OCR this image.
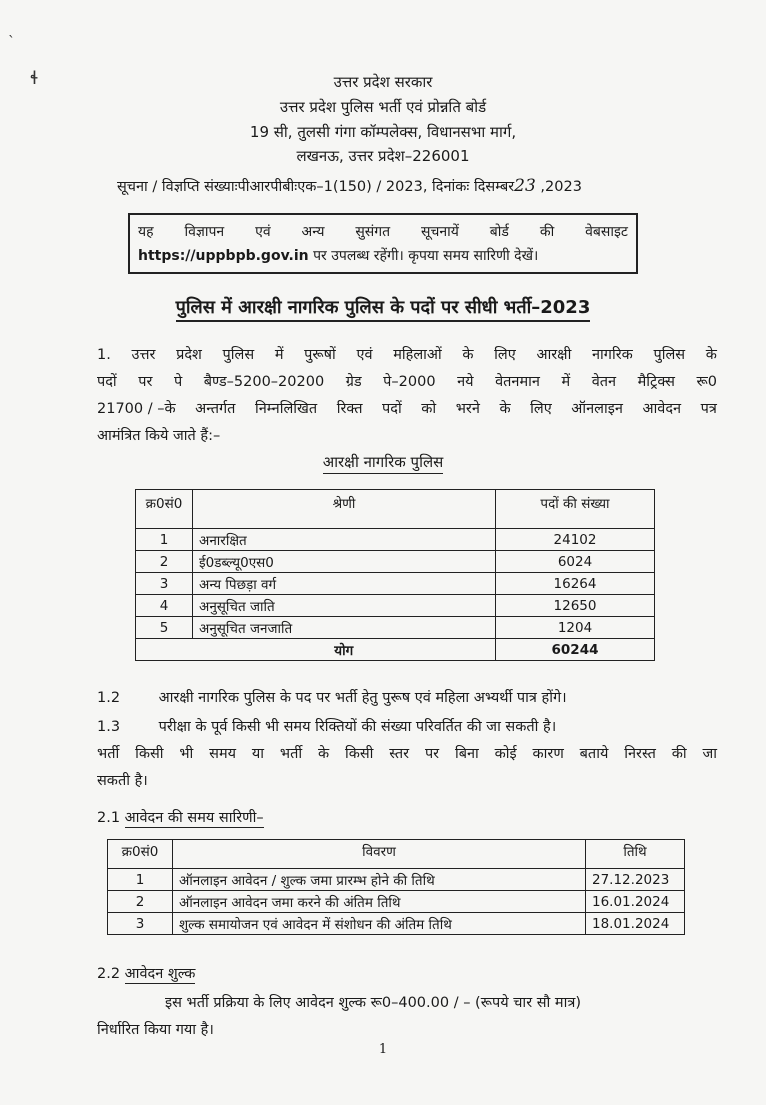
ˎ
ɬ	उत्तर प्रदेश सरकार
उत्तर प्रदेश पुलिस भर्ती एवं प्रोन्नति बोर्ड
19 सी, तुलसी गंगा कॉम्पलेक्स, विधानसभा मार्ग,
लखनऊ, उत्तर प्रदेश–226001
सूचना / विज्ञप्ति संख्याःपीआरपीबीःएक–1(150) / 2023, दिनांकः दिसम्बर23 ,2023
यह विज्ञापन एवं अन्य सुसंगत सूचनायें बोर्ड की वेबसाइट
https://uppbpb.gov.in पर उपलब्ध रहेंगी। कृपया समय सारिणी देखें।
पुलिस में आरक्षी नागरिक पुलिस के पदों पर सीधी भर्ती–2023
1. उत्तर प्रदेश पुलिस में पुरूषों एवं महिलाओं के लिए आरक्षी नागरिक पुलिस के
पदों पर पे बैण्ड–5200–20200 ग्रेड पे–2000 नये वेतनमान में वेतन मैट्रिक्स रू0
21700 / –के अन्तर्गत निम्नलिखित रिक्त पदों को भरने के लिए ऑनलाइन आवेदन पत्र
आमंत्रित किये जाते हैं:–
आरक्षी नागरिक पुलिस
क्र0सं0	श्रेणी	पदों की संख्या
1	अनारक्षित	24102
2	ई0डब्ल्यू0एस0	6024
3	अन्य पिछड़ा वर्ग	16264
4	अनुसूचित जाति	12650
5	अनुसूचित जनजाति	1204
	योग	60244
1.2	आरक्षी नागरिक पुलिस के पद पर भर्ती हेतु पुरूष एवं महिला अभ्यर्थी पात्र होंगे।
1.3	परीक्षा के पूर्व किसी भी समय रिक्तियों की संख्या परिवर्तित की जा सकती है।
भर्ती किसी भी समय या भर्ती के किसी स्तर पर बिना कोई कारण बताये निरस्त की जा
सकती है।
2.1 आवेदन की समय सारिणी–
क्र0सं0	विवरण	तिथि
1	ऑनलाइन आवेदन / शुल्क जमा प्रारम्भ होने की तिथि	27.12.2023
2	ऑनलाइन आवेदन जमा करने की अंतिम तिथि	16.01.2024
3	शुल्क समायोजन एवं आवेदन में संशोधन की अंतिम तिथि	18.01.2024
2.2 आवेदन शुल्क
इस भर्ती प्रक्रिया के लिए आवेदन शुल्क रू0–400.00 / – (रूपये चार सौ मात्र)
निर्धारित किया गया है।
1
